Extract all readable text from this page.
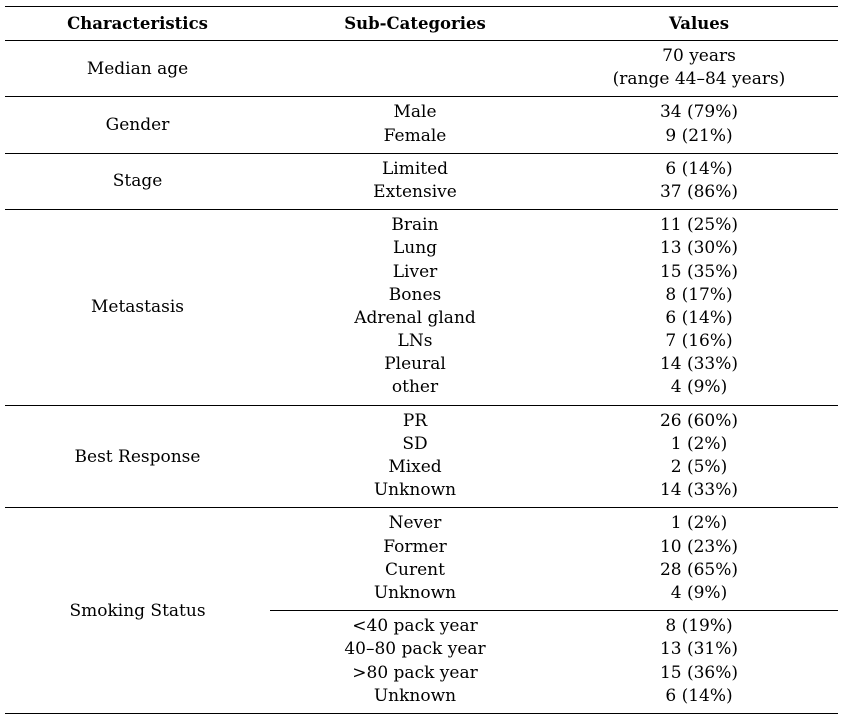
Characteristics	Sub-Categories	Values
Median age
70 years
(range 44–84 years)
Gender
Male
Female
34 (79%)
9 (21%)
Stage
Limited
Extensive
6 (14%)
37 (86%)
Metastasis
Brain
Lung
Liver
Bones
Adrenal gland
LNs
Pleural
other
11 (25%)
13 (30%)
15 (35%)
8 (17%)
6 (14%)
7 (16%)
14 (33%)
4 (9%)
Best Response
PR
SD
Mixed
Unknown
26 (60%)
1 (2%)
2 (5%)
14 (33%)
Smoking Status
Never
Former
Curent
Unknown
1 (2%)
10 (23%)
28 (65%)
4 (9%)
<40 pack year
40–80 pack year
>80 pack year
Unknown
8 (19%)
13 (31%)
15 (36%)
6 (14%)
